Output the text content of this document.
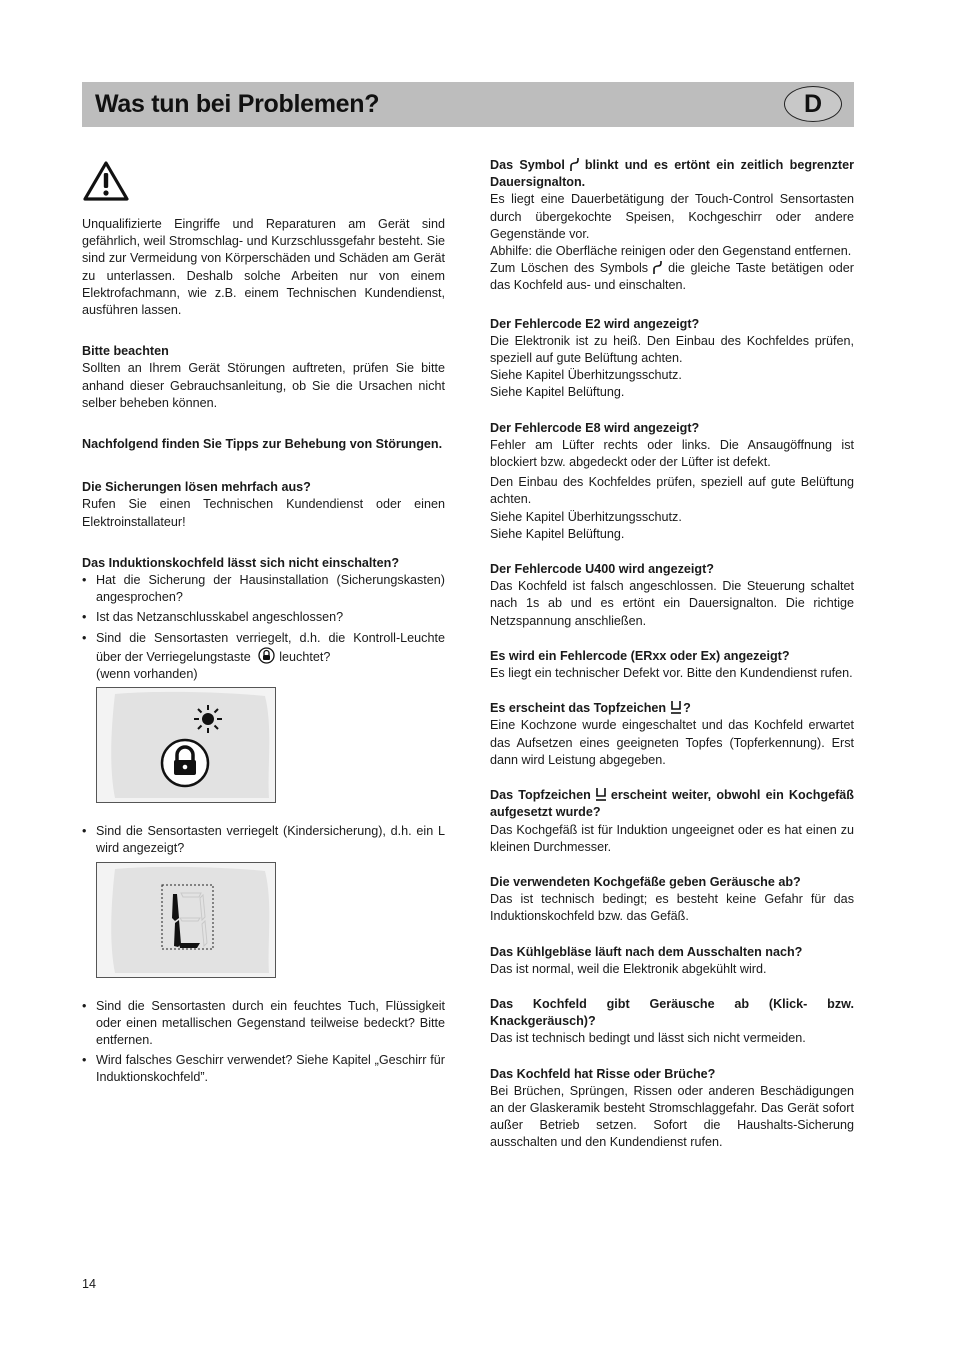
Was tun bei Problemen?	D

Unqualifizierte Eingriffe und Reparaturen am Gerät sind gefährlich, weil Stromschlag- und Kurzschlussgefahr besteht. Sie sind zur Vermeidung von Körperschäden und Schäden am Gerät zu unterlassen. Deshalb solche Arbeiten nur von einem Elektrofachmann, wie z.B. einem Technischen Kundendienst, ausführen lassen.

Bitte beachten

Sollten an Ihrem Gerät Störungen auftreten, prüfen Sie bitte anhand dieser Gebrauchsanleitung, ob Sie die Ursachen nicht selber beheben können.

Nachfolgend finden Sie Tipps zur Behebung von Störungen.

Die Sicherungen lösen mehrfach aus?

Rufen Sie einen Technischen Kundendienst oder einen Elektroinstallateur!

Das Induktionskochfeld lässt sich nicht einschalten?

• Hat die Sicherung der Hausinstallation (Sicherungskasten) angesprochen?
• Ist das Netzanschlusskabel angeschlossen?
• Sind die Sensortasten verriegelt, d.h. die Kontroll-Leuchte über der Verriegelungstaste leuchtet?
(wenn vorhanden)
• Sind die Sensortasten verriegelt (Kindersicherung), d.h. ein L wird angezeigt?
• Sind die Sensortasten durch ein feuchtes Tuch, Flüssigkeit oder einen metallischen Gegenstand teilweise bedeckt? Bitte entfernen.
• Wird falsches Geschirr verwendet? Siehe Kapitel „Geschirr für Induktionskochfeld”.

Das Symbol blinkt und es ertönt ein zeitlich begrenzter Dauersignalton.

Es liegt eine Dauerbetätigung der Touch-Control Sensortasten durch übergekochte Speisen, Kochgeschirr oder andere Gegenstände vor.

Abhilfe: die Oberfläche reinigen oder den Gegenstand entfernen.

Zum Löschen des Symbols die gleiche Taste betätigen oder das Kochfeld aus- und einschalten.

Der Fehlercode E2 wird angezeigt?

Die Elektronik ist zu heiß. Den Einbau des Kochfeldes prüfen, speziell auf gute Belüftung achten.

Siehe Kapitel Überhitzungsschutz.

Siehe Kapitel Belüftung.

Der Fehlercode E8 wird angezeigt?

Fehler am Lüfter rechts oder links. Die Ansaugöffnung ist blockiert bzw. abgedeckt oder der Lüfter ist defekt.

Den Einbau des Kochfeldes prüfen, speziell auf gute Belüftung achten.

Siehe Kapitel Überhitzungsschutz.

Siehe Kapitel Belüftung.

Der Fehlercode U400 wird angezeigt?

Das Kochfeld ist falsch angeschlossen. Die Steuerung schaltet nach 1s ab und es ertönt ein Dauersignalton. Die richtige Netzspannung anschließen.

Es wird ein Fehlercode (ERxx oder Ex) angezeigt?

Es liegt ein technischer Defekt vor. Bitte den Kundendienst rufen.

Es erscheint das Topfzeichen ?

Eine Kochzone wurde eingeschaltet und das Kochfeld erwartet das Aufsetzen eines geeigneten Topfes (Topferkennung). Erst dann wird Leistung abgegeben.

Das Topfzeichen erscheint weiter, obwohl ein Kochgefäß aufgesetzt wurde?

Das Kochgefäß ist für Induktion ungeeignet oder es hat einen zu kleinen Durchmesser.

Die verwendeten Kochgefäße geben Geräusche ab?

Das ist technisch bedingt; es besteht keine Gefahr für das Induktionskochfeld bzw. das Gefäß.

Das Kühlgebläse läuft nach dem Ausschalten nach?

Das ist normal, weil die Elektronik abgekühlt wird.

Das Kochfeld gibt Geräusche ab (Klick- bzw. Knackgeräusch)?

Das ist technisch bedingt und lässt sich nicht vermeiden.

Das Kochfeld hat Risse oder Brüche?

Bei Brüchen, Sprüngen, Rissen oder anderen Beschädigungen an der Glaskeramik besteht Stromschlaggefahr. Das Gerät sofort außer Betrieb setzen. Sofort die Haushalts-Sicherung ausschalten und den Kundendienst rufen.

14
